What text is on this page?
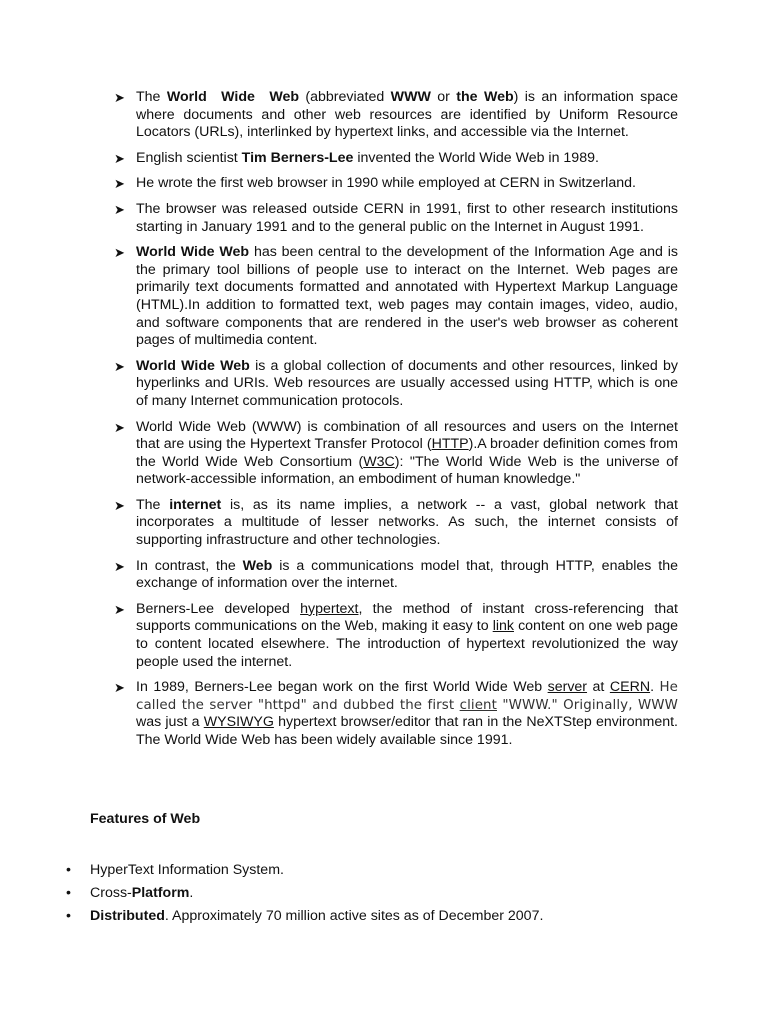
➤ The World Wide Web (abbreviated WWW or the Web) is an information space where documents and other web resources are identified by Uniform Resource Locators (URLs), interlinked by hypertext links, and accessible via the Internet.
➤ English scientist Tim Berners-Lee invented the World Wide Web in 1989.
➤ He wrote the first web browser in 1990 while employed at CERN in Switzerland.
➤ The browser was released outside CERN in 1991, first to other research institutions starting in January 1991 and to the general public on the Internet in August 1991.
➤ World Wide Web has been central to the development of the Information Age and is the primary tool billions of people use to interact on the Internet. Web pages are primarily text documents formatted and annotated with Hypertext Markup Language (HTML).In addition to formatted text, web pages may contain images, video, audio, and software components that are rendered in the user's web browser as coherent pages of multimedia content.
➤ World Wide Web is a global collection of documents and other resources, linked by hyperlinks and URIs. Web resources are usually accessed using HTTP, which is one of many Internet communication protocols.
➤ World Wide Web (WWW) is combination of all resources and users on the Internet that are using the Hypertext Transfer Protocol (HTTP).A broader definition comes from the World Wide Web Consortium (W3C): "The World Wide Web is the universe of network-accessible information, an embodiment of human knowledge."
➤ The internet is, as its name implies, a network -- a vast, global network that incorporates a multitude of lesser networks. As such, the internet consists of supporting infrastructure and other technologies.
➤ In contrast, the Web is a communications model that, through HTTP, enables the exchange of information over the internet.
➤ Berners-Lee developed hypertext, the method of instant cross-referencing that supports communications on the Web, making it easy to link content on one web page to content located elsewhere. The introduction of hypertext revolutionized the way people used the internet.
➤ In 1989, Berners-Lee began work on the first World Wide Web server at CERN. He called the server "httpd" and dubbed the first client "WWW." Originally, WWW was just a WYSIWYG hypertext browser/editor that ran in the NeXTStep environment. The World Wide Web has been widely available since 1991.
Features of Web
• HyperText Information System.
• Cross-Platform.
• Distributed. Approximately 70 million active sites as of December 2007.
